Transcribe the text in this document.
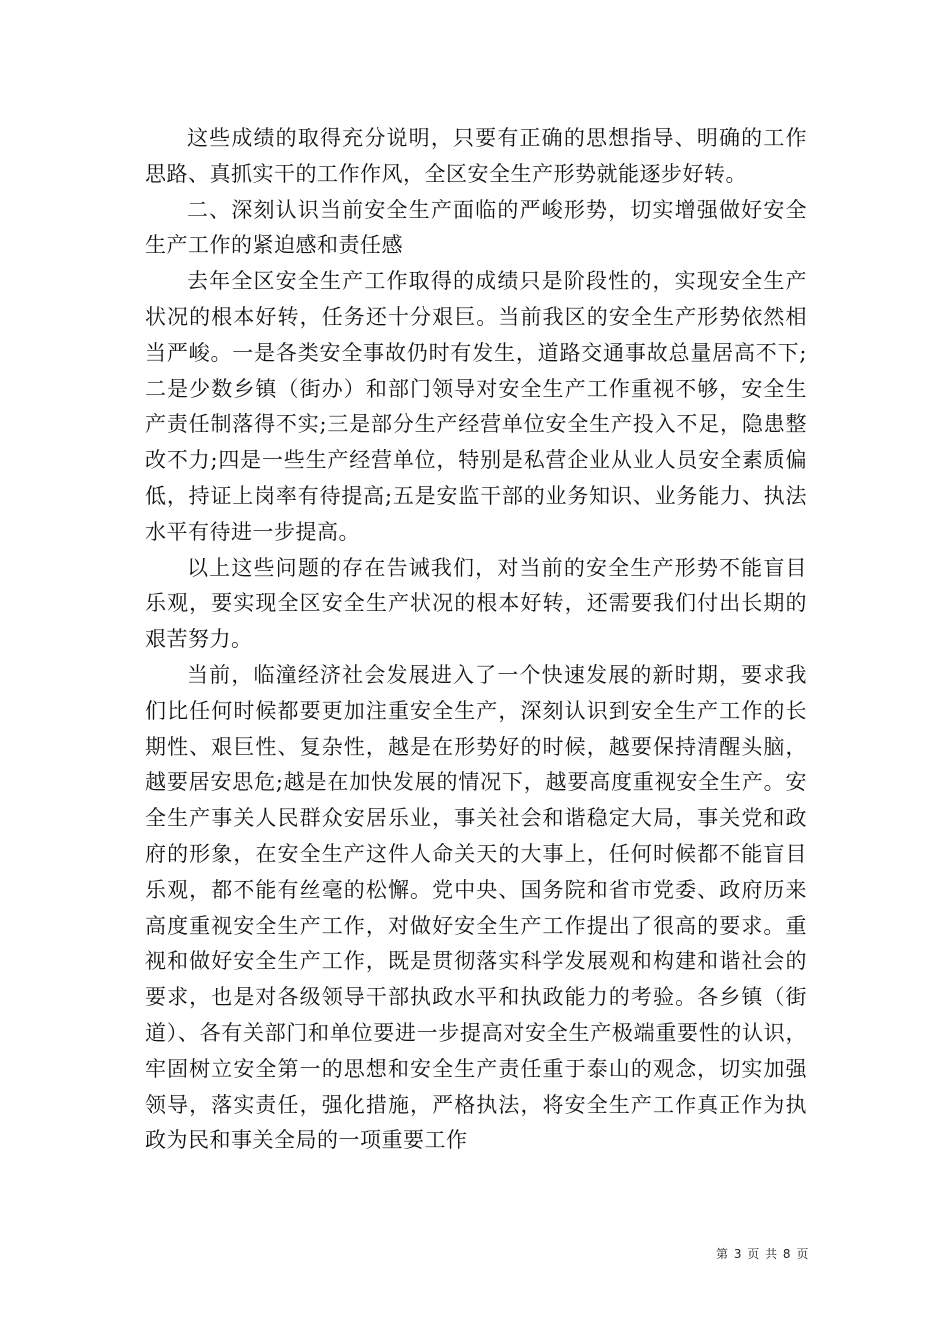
这些成绩的取得充分说明，只要有正确的思想指导、明确的工作思路、真抓实干的工作作风，全区安全生产形势就能逐步好转。

二、深刻认识当前安全生产面临的严峻形势，切实增强做好安全生产工作的紧迫感和责任感

去年全区安全生产工作取得的成绩只是阶段性的，实现安全生产状况的根本好转，任务还十分艰巨。当前我区的安全生产形势依然相当严峻。一是各类安全事故仍时有发生，道路交通事故总量居高不下;二是少数乡镇（街办）和部门领导对安全生产工作重视不够，安全生产责任制落得不实;三是部分生产经营单位安全生产投入不足，隐患整改不力;四是一些生产经营单位，特别是私营企业从业人员安全素质偏低，持证上岗率有待提高;五是安监干部的业务知识、业务能力、执法水平有待进一步提高。

以上这些问题的存在告诫我们，对当前的安全生产形势不能盲目乐观，要实现全区安全生产状况的根本好转，还需要我们付出长期的艰苦努力。

当前，临潼经济社会发展进入了一个快速发展的新时期，要求我们比任何时候都要更加注重安全生产，深刻认识到安全生产工作的长期性、艰巨性、复杂性，越是在形势好的时候，越要保持清醒头脑，越要居安思危;越是在加快发展的情况下，越要高度重视安全生产。安全生产事关人民群众安居乐业，事关社会和谐稳定大局，事关党和政府的形象，在安全生产这件人命关天的大事上，任何时候都不能盲目乐观，都不能有丝毫的松懈。党中央、国务院和省市党委、政府历来高度重视安全生产工作，对做好安全生产工作提出了很高的要求。重视和做好安全生产工作，既是贯彻落实科学发展观和构建和谐社会的要求，也是对各级领导干部执政水平和执政能力的考验。各乡镇（街道）、各有关部门和单位要进一步提高对安全生产极端重要性的认识，牢固树立安全第一的思想和安全生产责任重于泰山的观念，切实加强领导，落实责任，强化措施，严格执法，将安全生产工作真正作为执政为民和事关全局的一项重要工作

第 3 页 共 8 页
